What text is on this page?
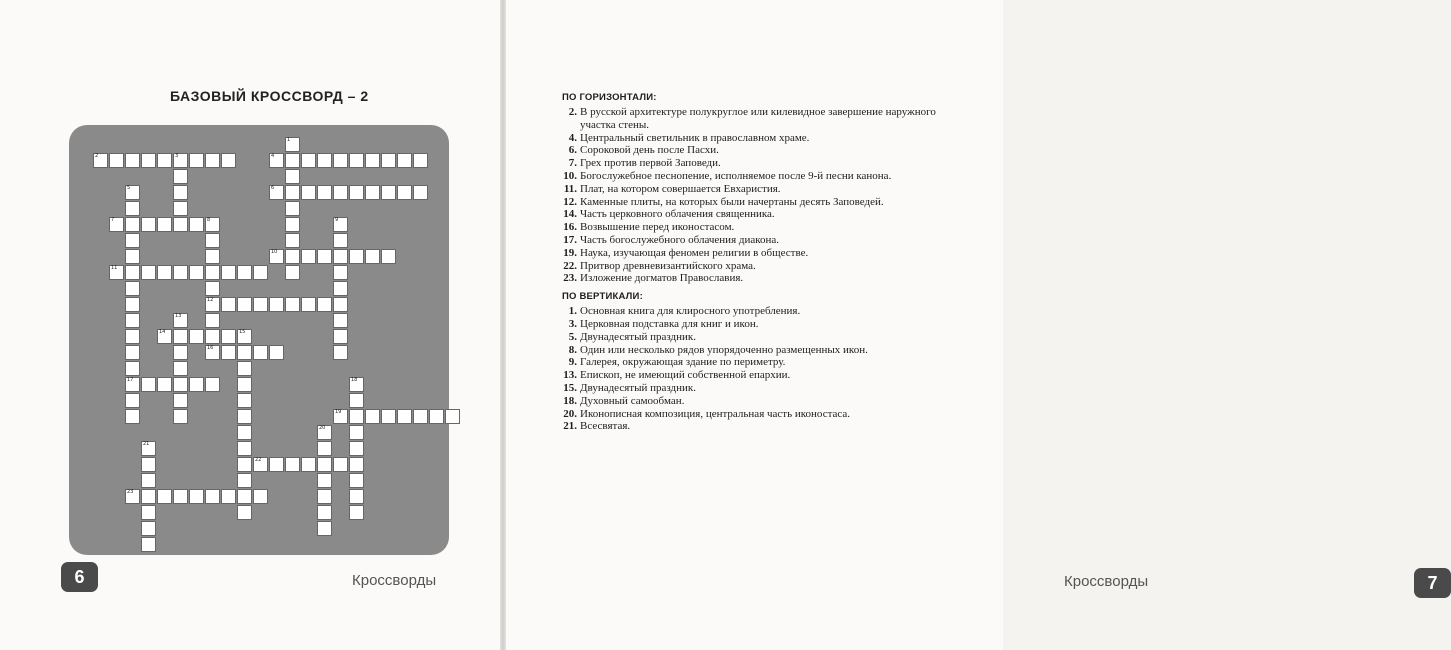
БАЗОВЫЙ КРОССВОРД – 2
1
2	3	4
5
17
6
7	8
12
9
10
11
13
14	15
16
18
19
20
21
22
23
6	Кроссворды	7

Кроссворды

ПО ГОРИЗОНТАЛИ:
2. В русской архитектуре полукруглое или килевидное завершение наружного участка стены.
4. Центральный светильник в православном храме.
6. Сороковой день после Пасхи.
7. Грех против первой Заповеди.
10. Богослужебное песнопение, исполняемое после 9-й песни канона.
11. Плат, на котором совершается Евхаристия.
12. Каменные плиты, на которых были начертаны десять Заповедей.
14. Часть церковного облачения священника.
16. Возвышение перед иконостасом.
17. Часть богослужебного облачения диакона.
19. Наука, изучающая феномен религии в обществе.
22. Притвор древневизантийского храма.
23. Изложение догматов Православия.
ПО ВЕРТИКАЛИ:
1. Основная книга для клиросного употребления.
3. Церковная подставка для книг и икон.
5. Двунадесятый праздник.
8. Один или несколько рядов упорядоченно размещенных икон.
9. Галерея, окружающая здание по периметру.
13. Епископ, не имеющий собственной епархии.
15. Двунадесятый праздник.
18. Духовный самообман.
20. Иконописная композиция, центральная часть иконостаса.
21. Всесвятая.
